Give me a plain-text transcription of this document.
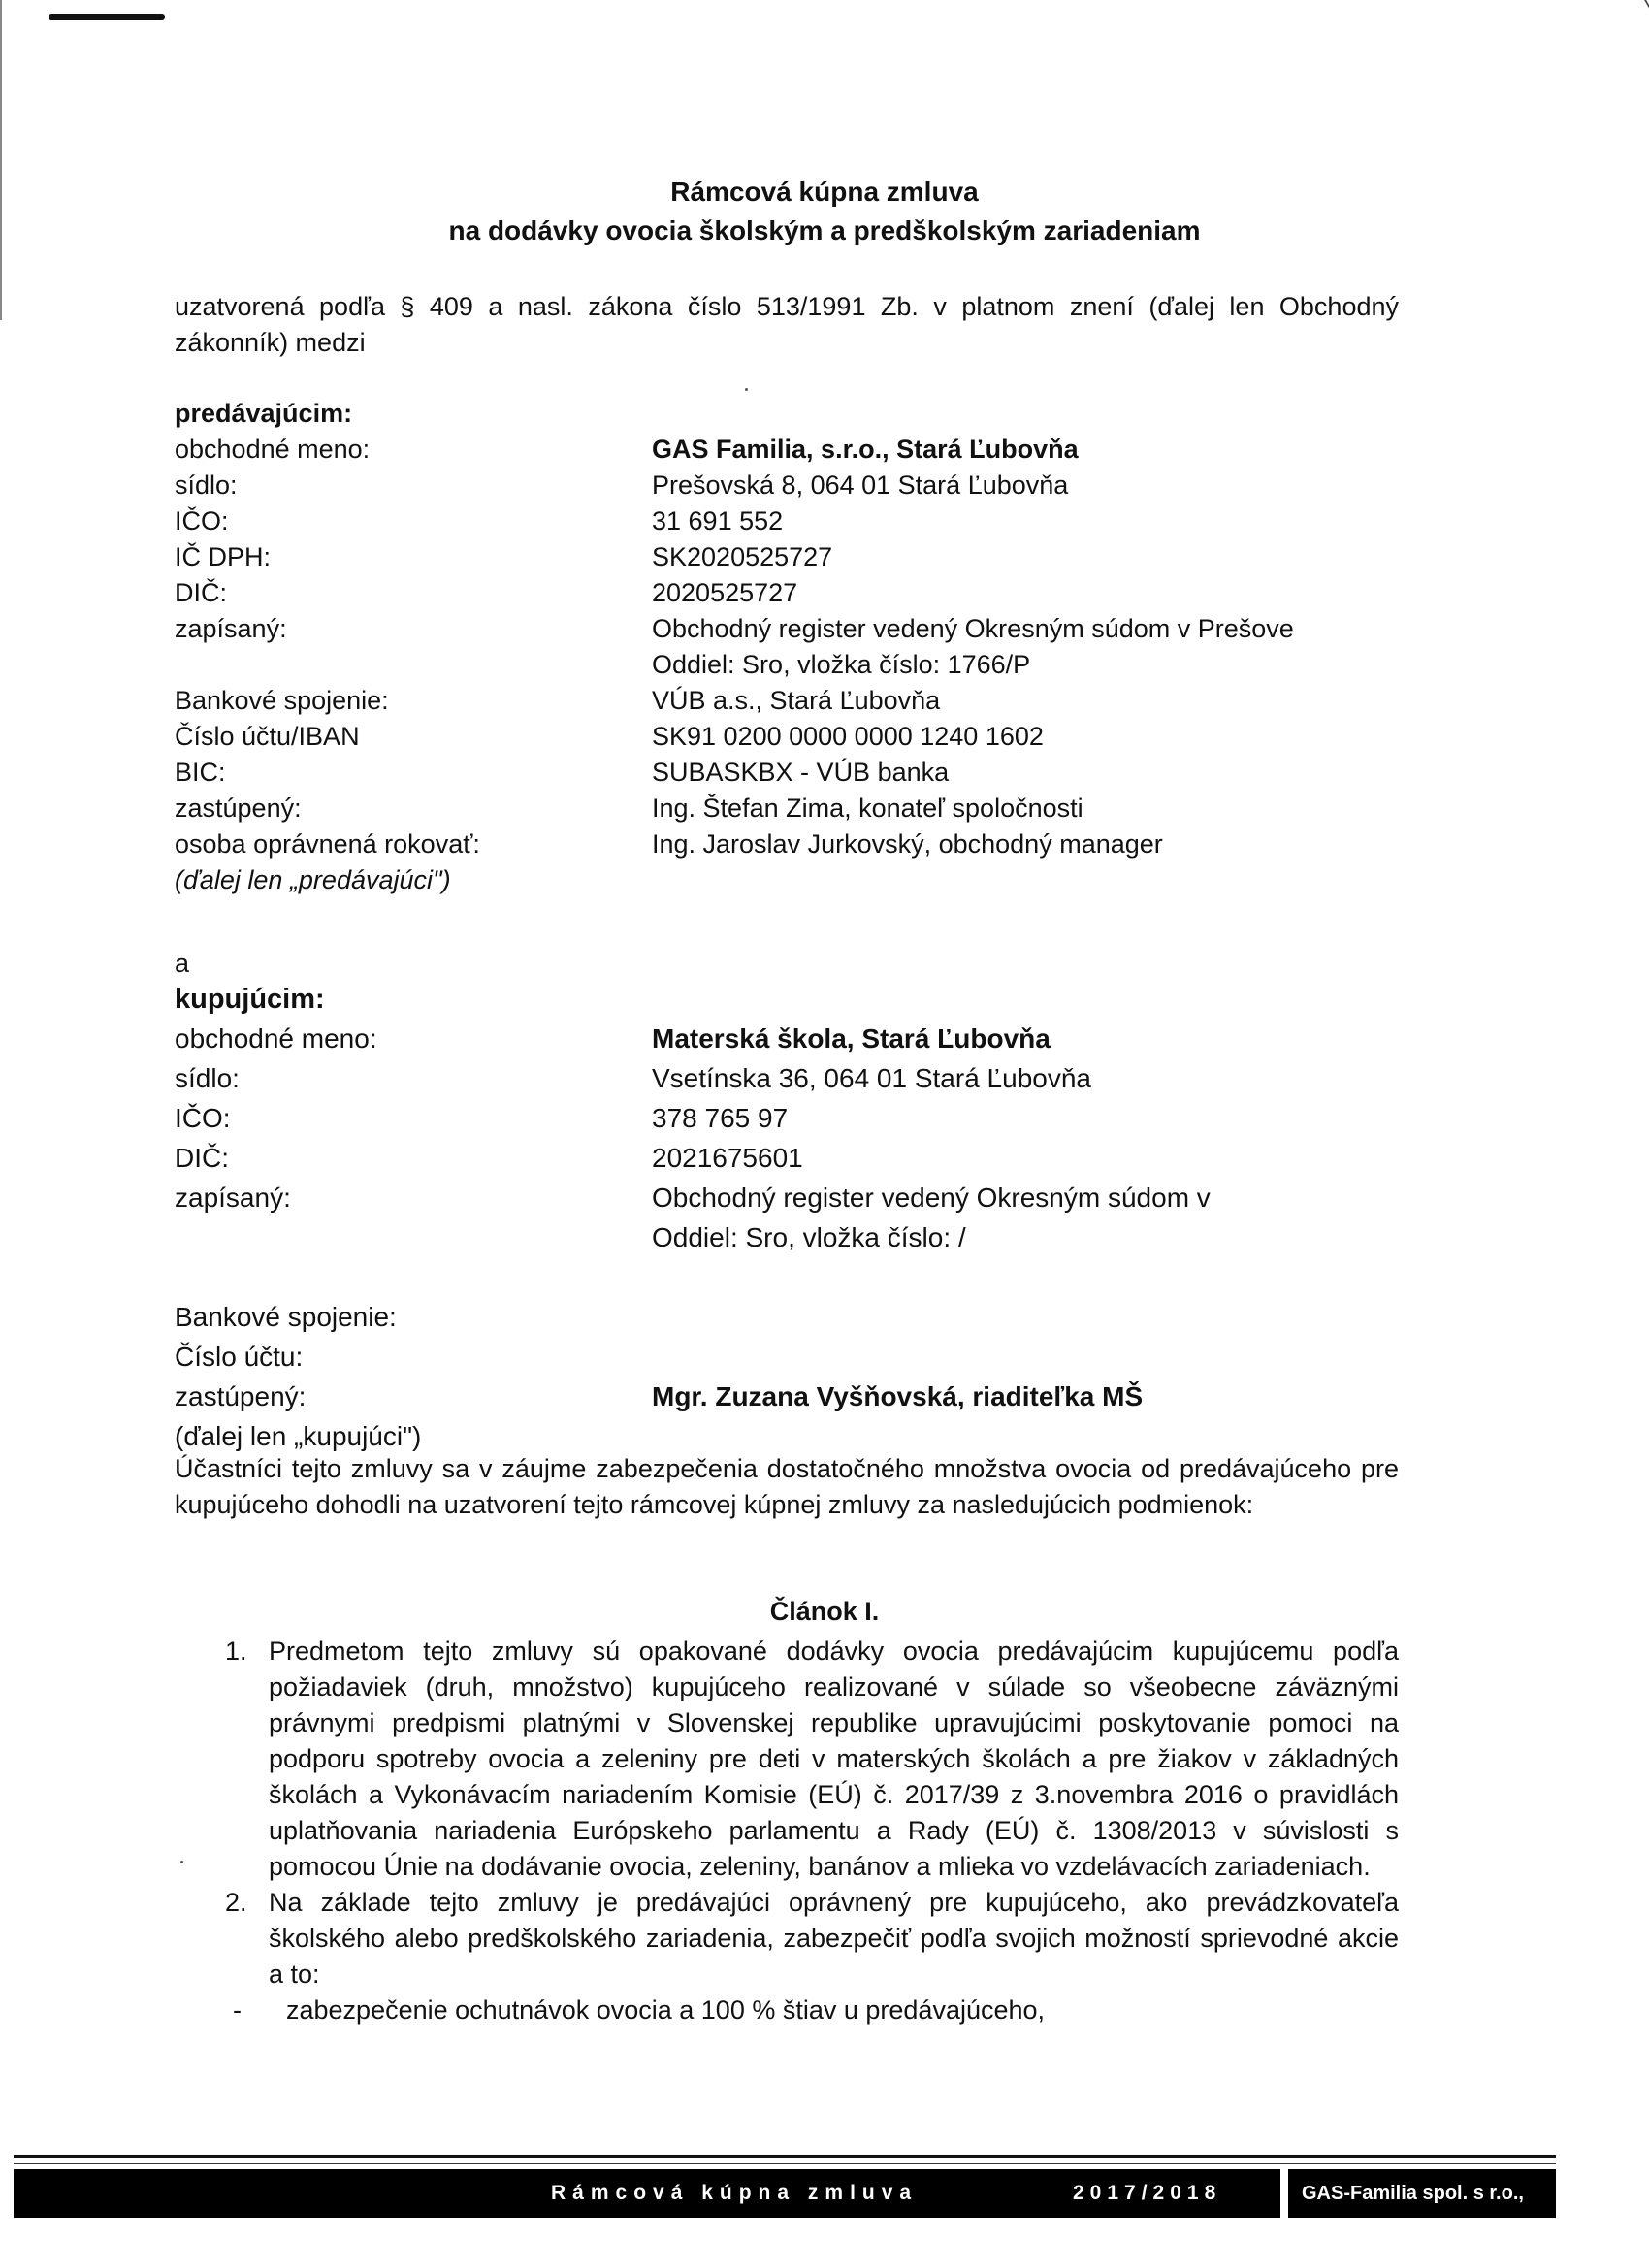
Rámcová kúpna zmluva
na dodávky ovocia školským a predškolským zariadeniam
uzatvorená podľa § 409 a nasl. zákona číslo 513/1991 Zb. v platnom znení (ďalej len Obchodný zákonník) medzi
predávajúcim:
obchodné meno:	GAS Familia, s.r.o., Stará Ľubovňa
sídlo:	Prešovská 8, 064 01 Stará Ľubovňa
IČO:	31 691 552
IČ DPH:	SK2020525727
DIČ:	2020525727
zapísaný:	Obchodný register vedený Okresným súdom v Prešove
Oddiel: Sro, vložka číslo: 1766/P
Bankové spojenie:	VÚB a.s., Stará Ľubovňa
Číslo účtu/IBAN	SK91 0200 0000 0000 1240 1602
BIC:	SUBASKBX - VÚB banka
zastúpený:	Ing. Štefan Zima, konateľ spoločnosti
osoba oprávnená rokovať:	Ing. Jaroslav Jurkovský, obchodný manager
(ďalej len „predávajúci")
a
kupujúcim:
obchodné meno:	Materská škola, Stará Ľubovňa
sídlo:	Vsetínska 36, 064 01 Stará Ľubovňa
IČO:	378 765 97
DIČ:	2021675601
zapísaný:	Obchodný register vedený Okresným súdom v
Oddiel: Sro, vložka číslo: /
Bankové spojenie:
Číslo účtu:
zastúpený:	Mgr. Zuzana Vyšňovská, riaditeľka MŠ
(ďalej len „kupujúci")
Účastníci tejto zmluvy sa v záujme zabezpečenia dostatočného množstva ovocia od predávajúceho pre kupujúceho dohodli na uzatvorení tejto rámcovej kúpnej zmluvy za nasledujúcich podmienok:
Článok I.
1. Predmetom tejto zmluvy sú opakované dodávky ovocia predávajúcim kupujúcemu podľa požiadaviek (druh, množstvo) kupujúceho realizované v súlade so všeobecne záväznými právnymi predpismi platnými v Slovenskej republike upravujúcimi poskytovanie pomoci na podporu spotreby ovocia a zeleniny pre deti v materských školách a pre žiakov v základných školách a Vykonávacím nariadením Komisie (EÚ) č. 2017/39 z 3.novembra 2016 o pravidlách uplatňovania nariadenia Európskeho parlamentu a Rady (EÚ) č. 1308/2013 v súvislosti s pomocou Únie na dodávanie ovocia, zeleniny, banánov a mlieka vo vzdelávacích zariadeniach.
2. Na základe tejto zmluvy je predávajúci oprávnený pre kupujúceho, ako prevádzkovateľa školského alebo predškolského zariadenia, zabezpečiť podľa svojich možností sprievodné akcie a to:
- zabezpečenie ochutnávok ovocia a 100 % štiav u predávajúceho,
Rámcová kúpna zmluva	2017/2018	GAS-Familia spol. s r.o.,
